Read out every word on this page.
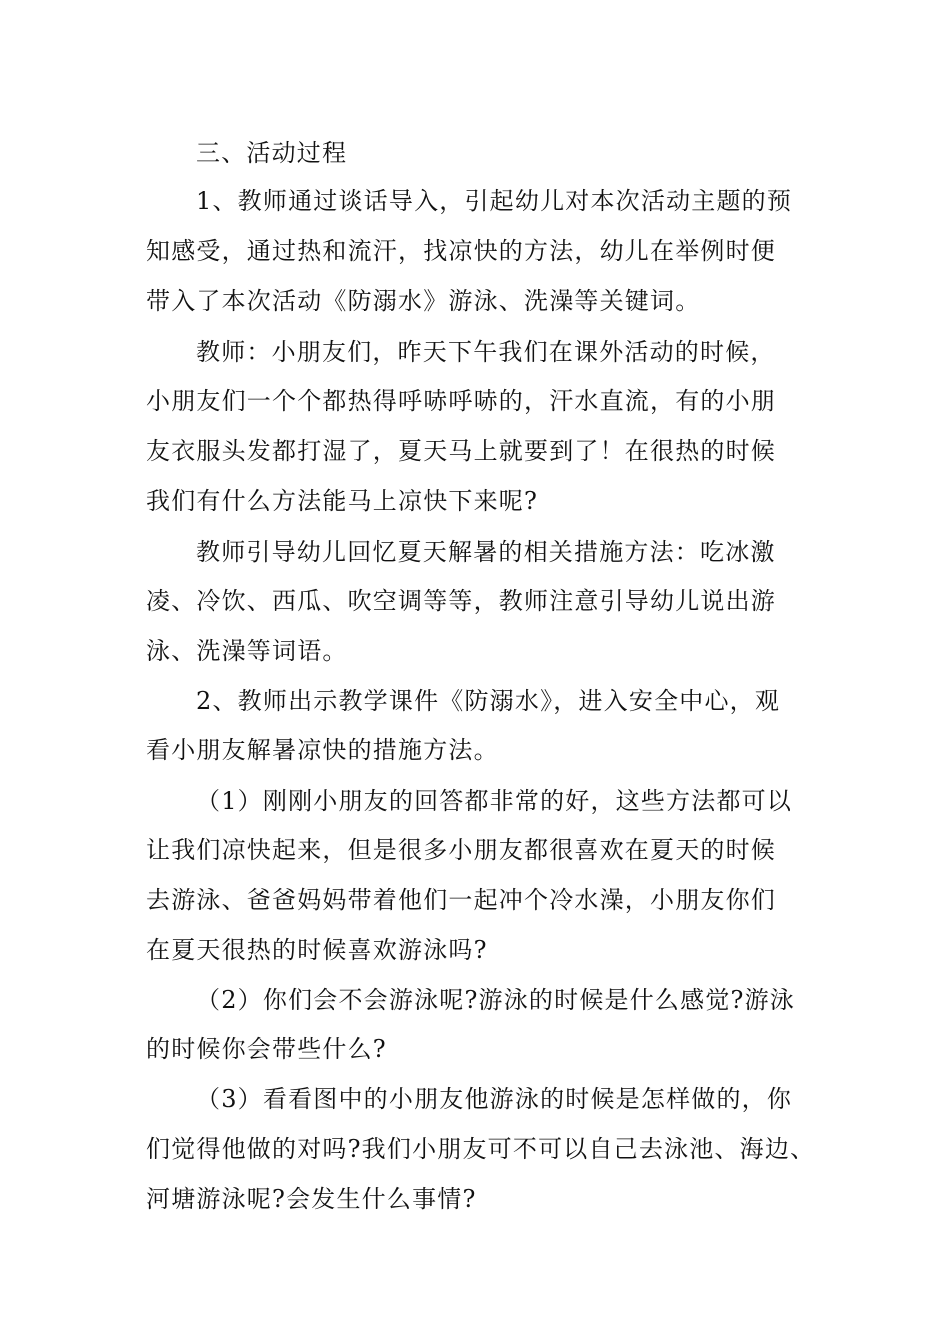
三、活动过程
1、教师通过谈话导入，引起幼儿对本次活动主题的预
知感受，通过热和流汗，找凉快的方法，幼儿在举例时便
带入了本次活动《防溺水》游泳、洗澡等关键词。
教师：小朋友们，昨天下午我们在课外活动的时候，
小朋友们一个个都热得呼哧呼哧的，汗水直流，有的小朋
友衣服头发都打湿了，夏天马上就要到了！在很热的时候
我们有什么方法能马上凉快下来呢?
教师引导幼儿回忆夏天解暑的相关措施方法：吃冰激
凌、冷饮、西瓜、吹空调等等，教师注意引导幼儿说出游
泳、洗澡等词语。
2、教师出示教学课件《防溺水》，进入安全中心，观
看小朋友解暑凉快的措施方法。
（1）刚刚小朋友的回答都非常的好，这些方法都可以
让我们凉快起来，但是很多小朋友都很喜欢在夏天的时候
去游泳、爸爸妈妈带着他们一起冲个冷水澡，小朋友你们
在夏天很热的时候喜欢游泳吗?
（2）你们会不会游泳呢?游泳的时候是什么感觉?游泳
的时候你会带些什么?
（3）看看图中的小朋友他游泳的时候是怎样做的，你
们觉得他做的对吗?我们小朋友可不可以自己去泳池、海边、
河塘游泳呢?会发生什么事情?
